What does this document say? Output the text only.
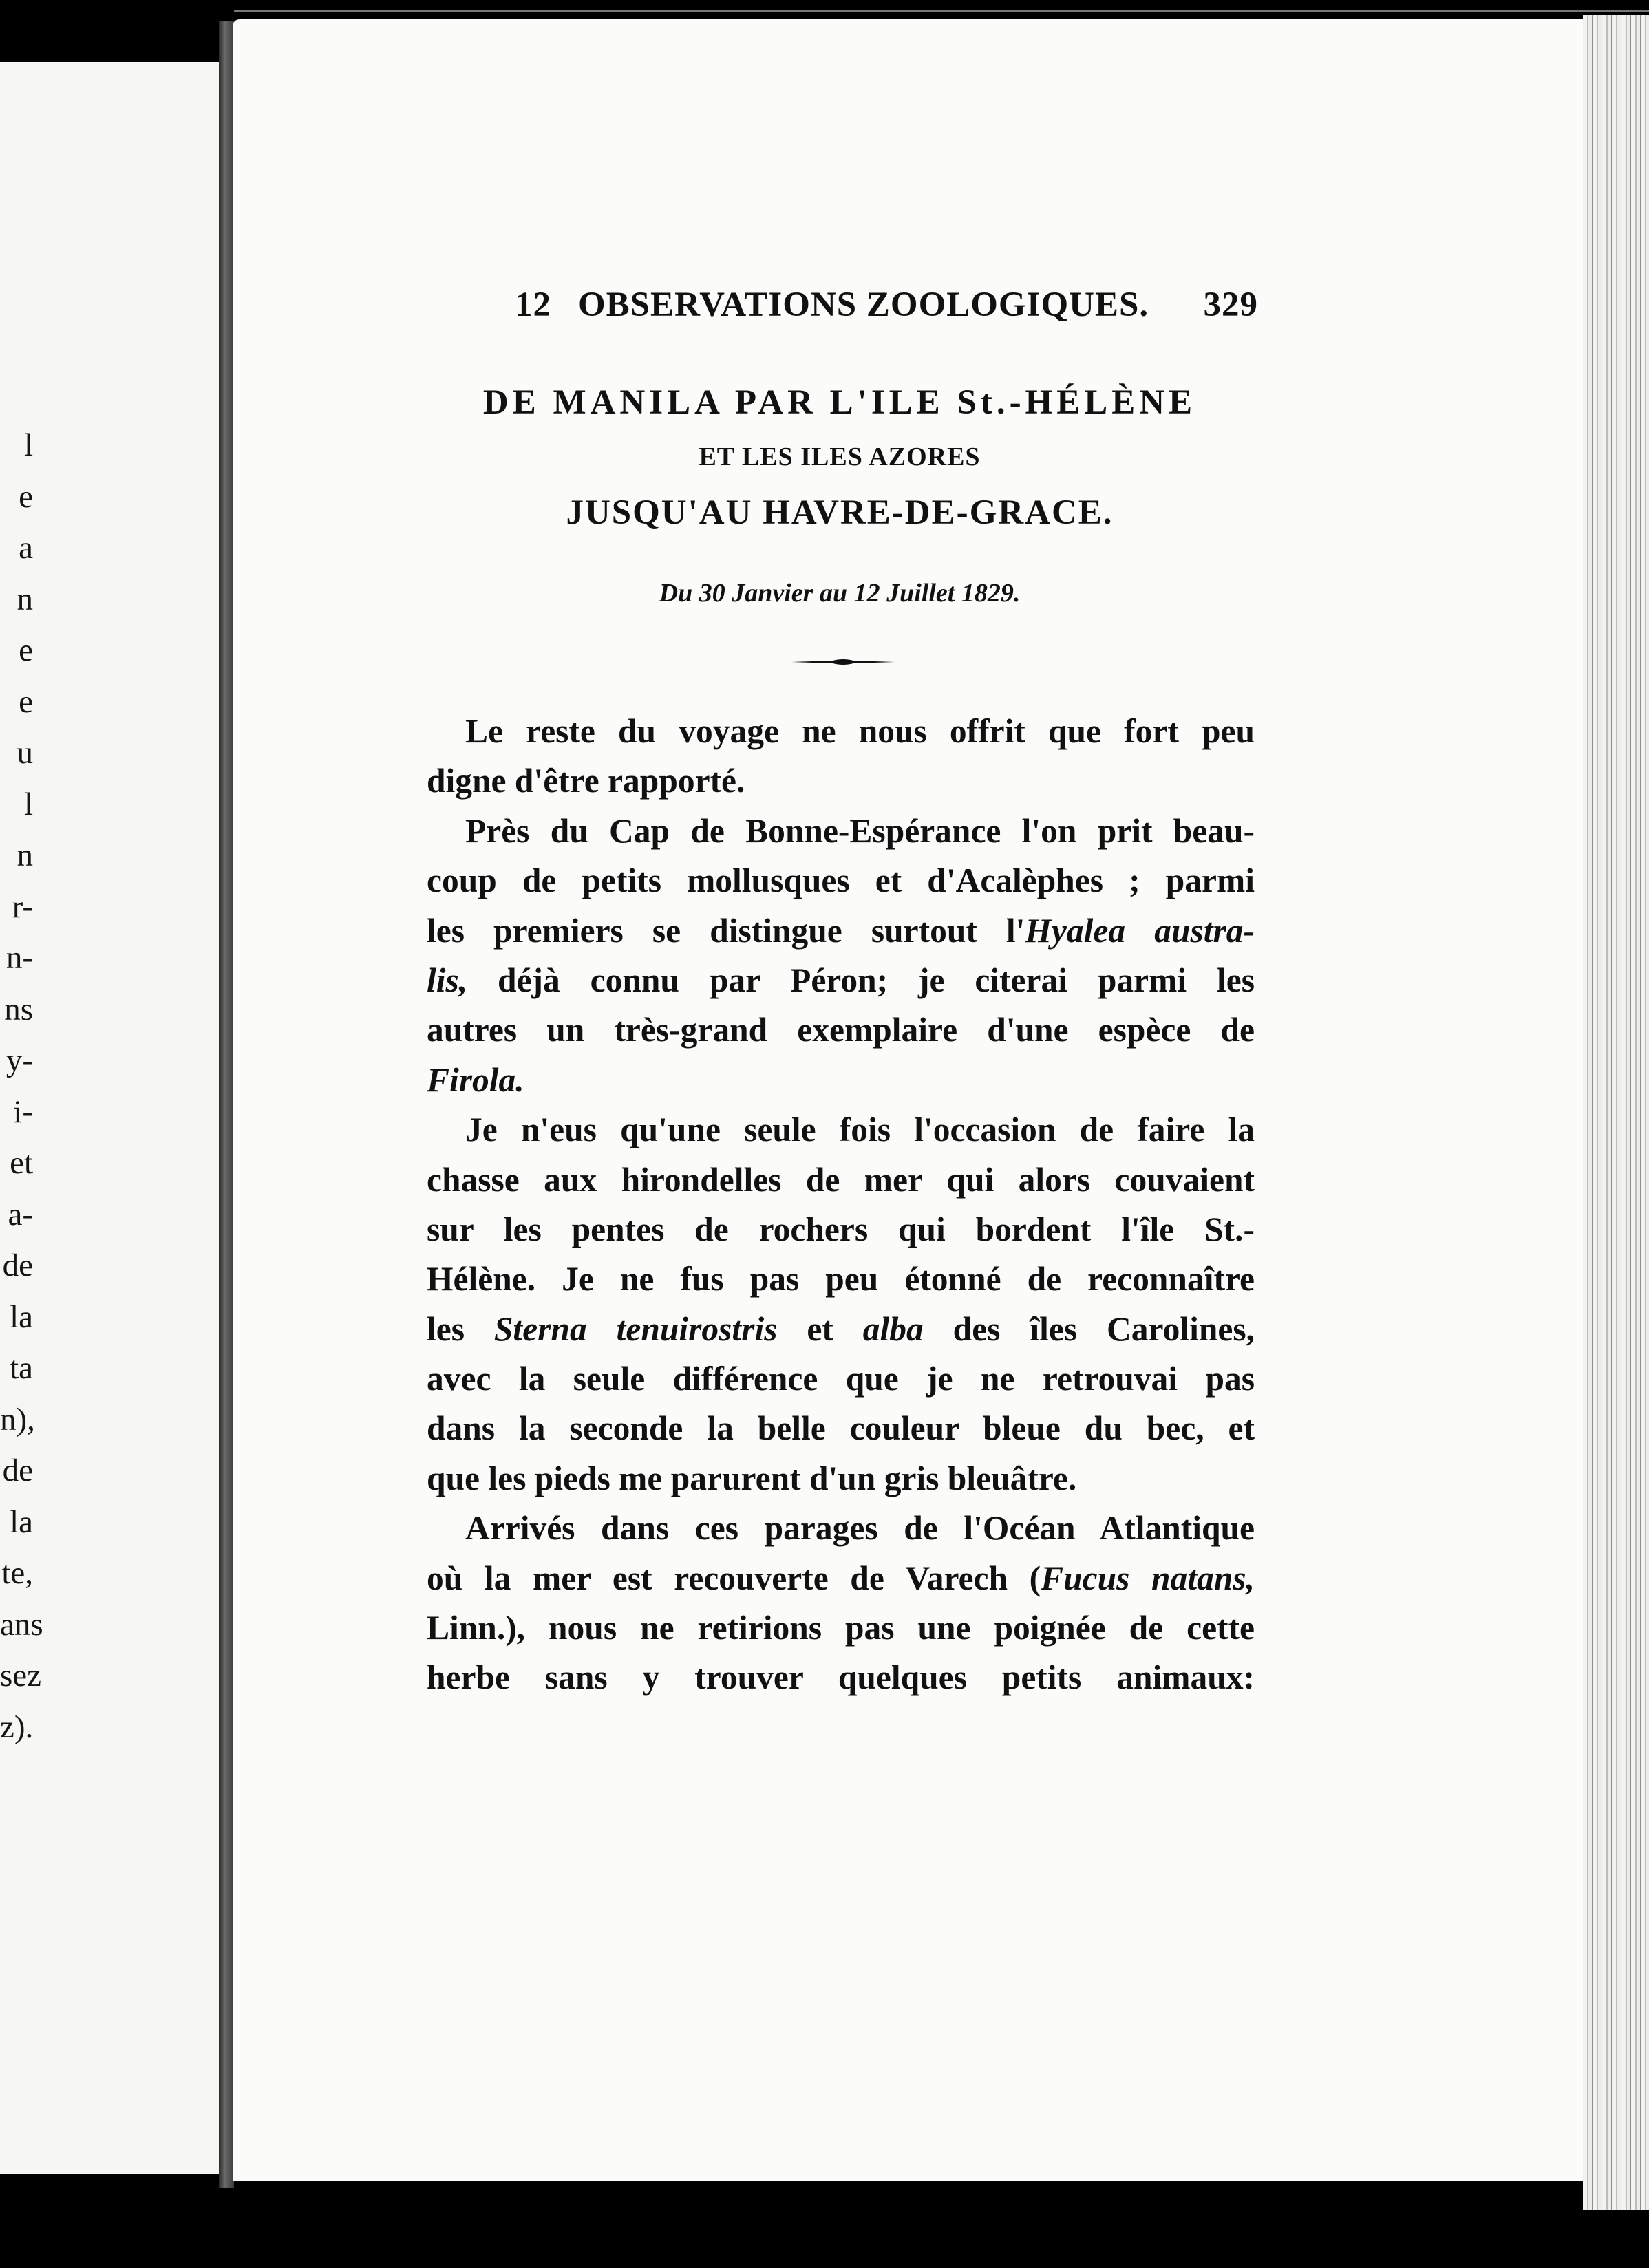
l
e
a
n
e
e
u
l
n
r-
n-
ns
y-
i-
et
a-
de
la
ta
n),
de
la
te,
ans
sez
z).
12 OBSERVATIONS ZOOLOGIQUES. 329
DE MANILA PAR L'ILE St.-HÉLÈNE
ET LES ILES AZORES
JUSQU'AU HAVRE-DE-GRACE.
Du 30 Janvier au 12 Juillet 1829.
Le reste du voyage ne nous offrit que fort peu
digne d'être rapporté.
Près du Cap de Bonne-Espérance l'on prit beau-
coup de petits mollusques et d'Acalèphes ; parmi
les premiers se distingue surtout l'Hyalea austra-
lis, déjà connu par Péron; je citerai parmi les
autres un très-grand exemplaire d'une espèce de
Firola.
Je n'eus qu'une seule fois l'occasion de faire la
chasse aux hirondelles de mer qui alors couvaient
sur les pentes de rochers qui bordent l'île St.-
Hélène. Je ne fus pas peu étonné de reconnaître
les Sterna tenuirostris et alba des îles Carolines,
avec la seule différence que je ne retrouvai pas
dans la seconde la belle couleur bleue du bec, et
que les pieds me parurent d'un gris bleuâtre.
Arrivés dans ces parages de l'Océan Atlantique
où la mer est recouverte de Varech (Fucus natans,
Linn.), nous ne retirions pas une poignée de cette
herbe sans y trouver quelques petits animaux:
